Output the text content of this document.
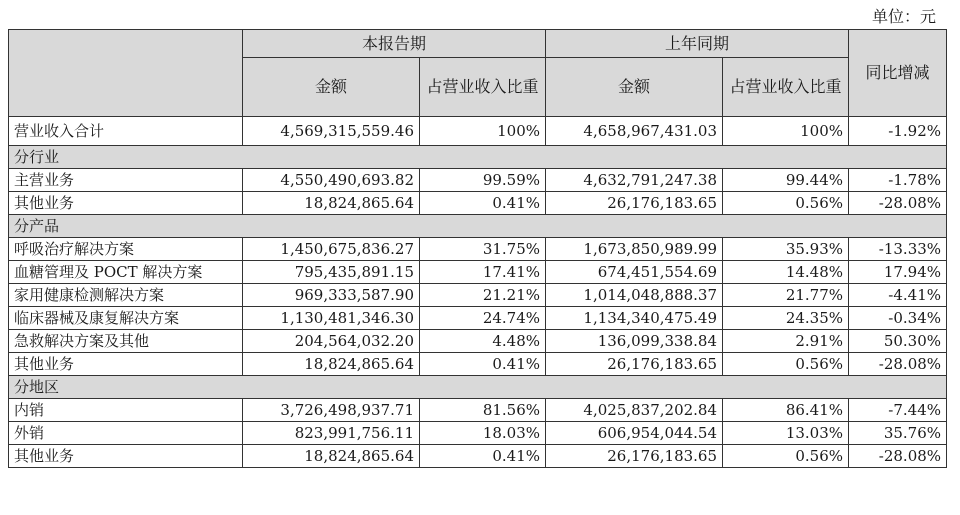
单位：元
	本报告期		上年同期		同比增减
	金额	占营业收入比重	金额	占营业收入比重	
营业收入合计	4,569,315,559.46	100%	4,658,967,431.03	100%	-1.92%
分行业					
主营业务	4,550,490,693.82	99.59%	4,632,791,247.38	99.44%	-1.78%
其他业务	18,824,865.64	0.41%	26,176,183.65	0.56%	-28.08%
分产品					
呼吸治疗解决方案	1,450,675,836.27	31.75%	1,673,850,989.99	35.93%	-13.33%
血糖管理及 POCT 解决方案	795,435,891.15	17.41%	674,451,554.69	14.48%	17.94%
家用健康检测解决方案	969,333,587.90	21.21%	1,014,048,888.37	21.77%	-4.41%
临床器械及康复解决方案	1,130,481,346.30	24.74%	1,134,340,475.49	24.35%	-0.34%
急救解决方案及其他	204,564,032.20	4.48%	136,099,338.84	2.91%	50.30%
其他业务	18,824,865.64	0.41%	26,176,183.65	0.56%	-28.08%
分地区					
内销	3,726,498,937.71	81.56%	4,025,837,202.84	86.41%	-7.44%
外销	823,991,756.11	18.03%	606,954,044.54	13.03%	35.76%
其他业务	18,824,865.64	0.41%	26,176,183.65	0.56%	-28.08%
